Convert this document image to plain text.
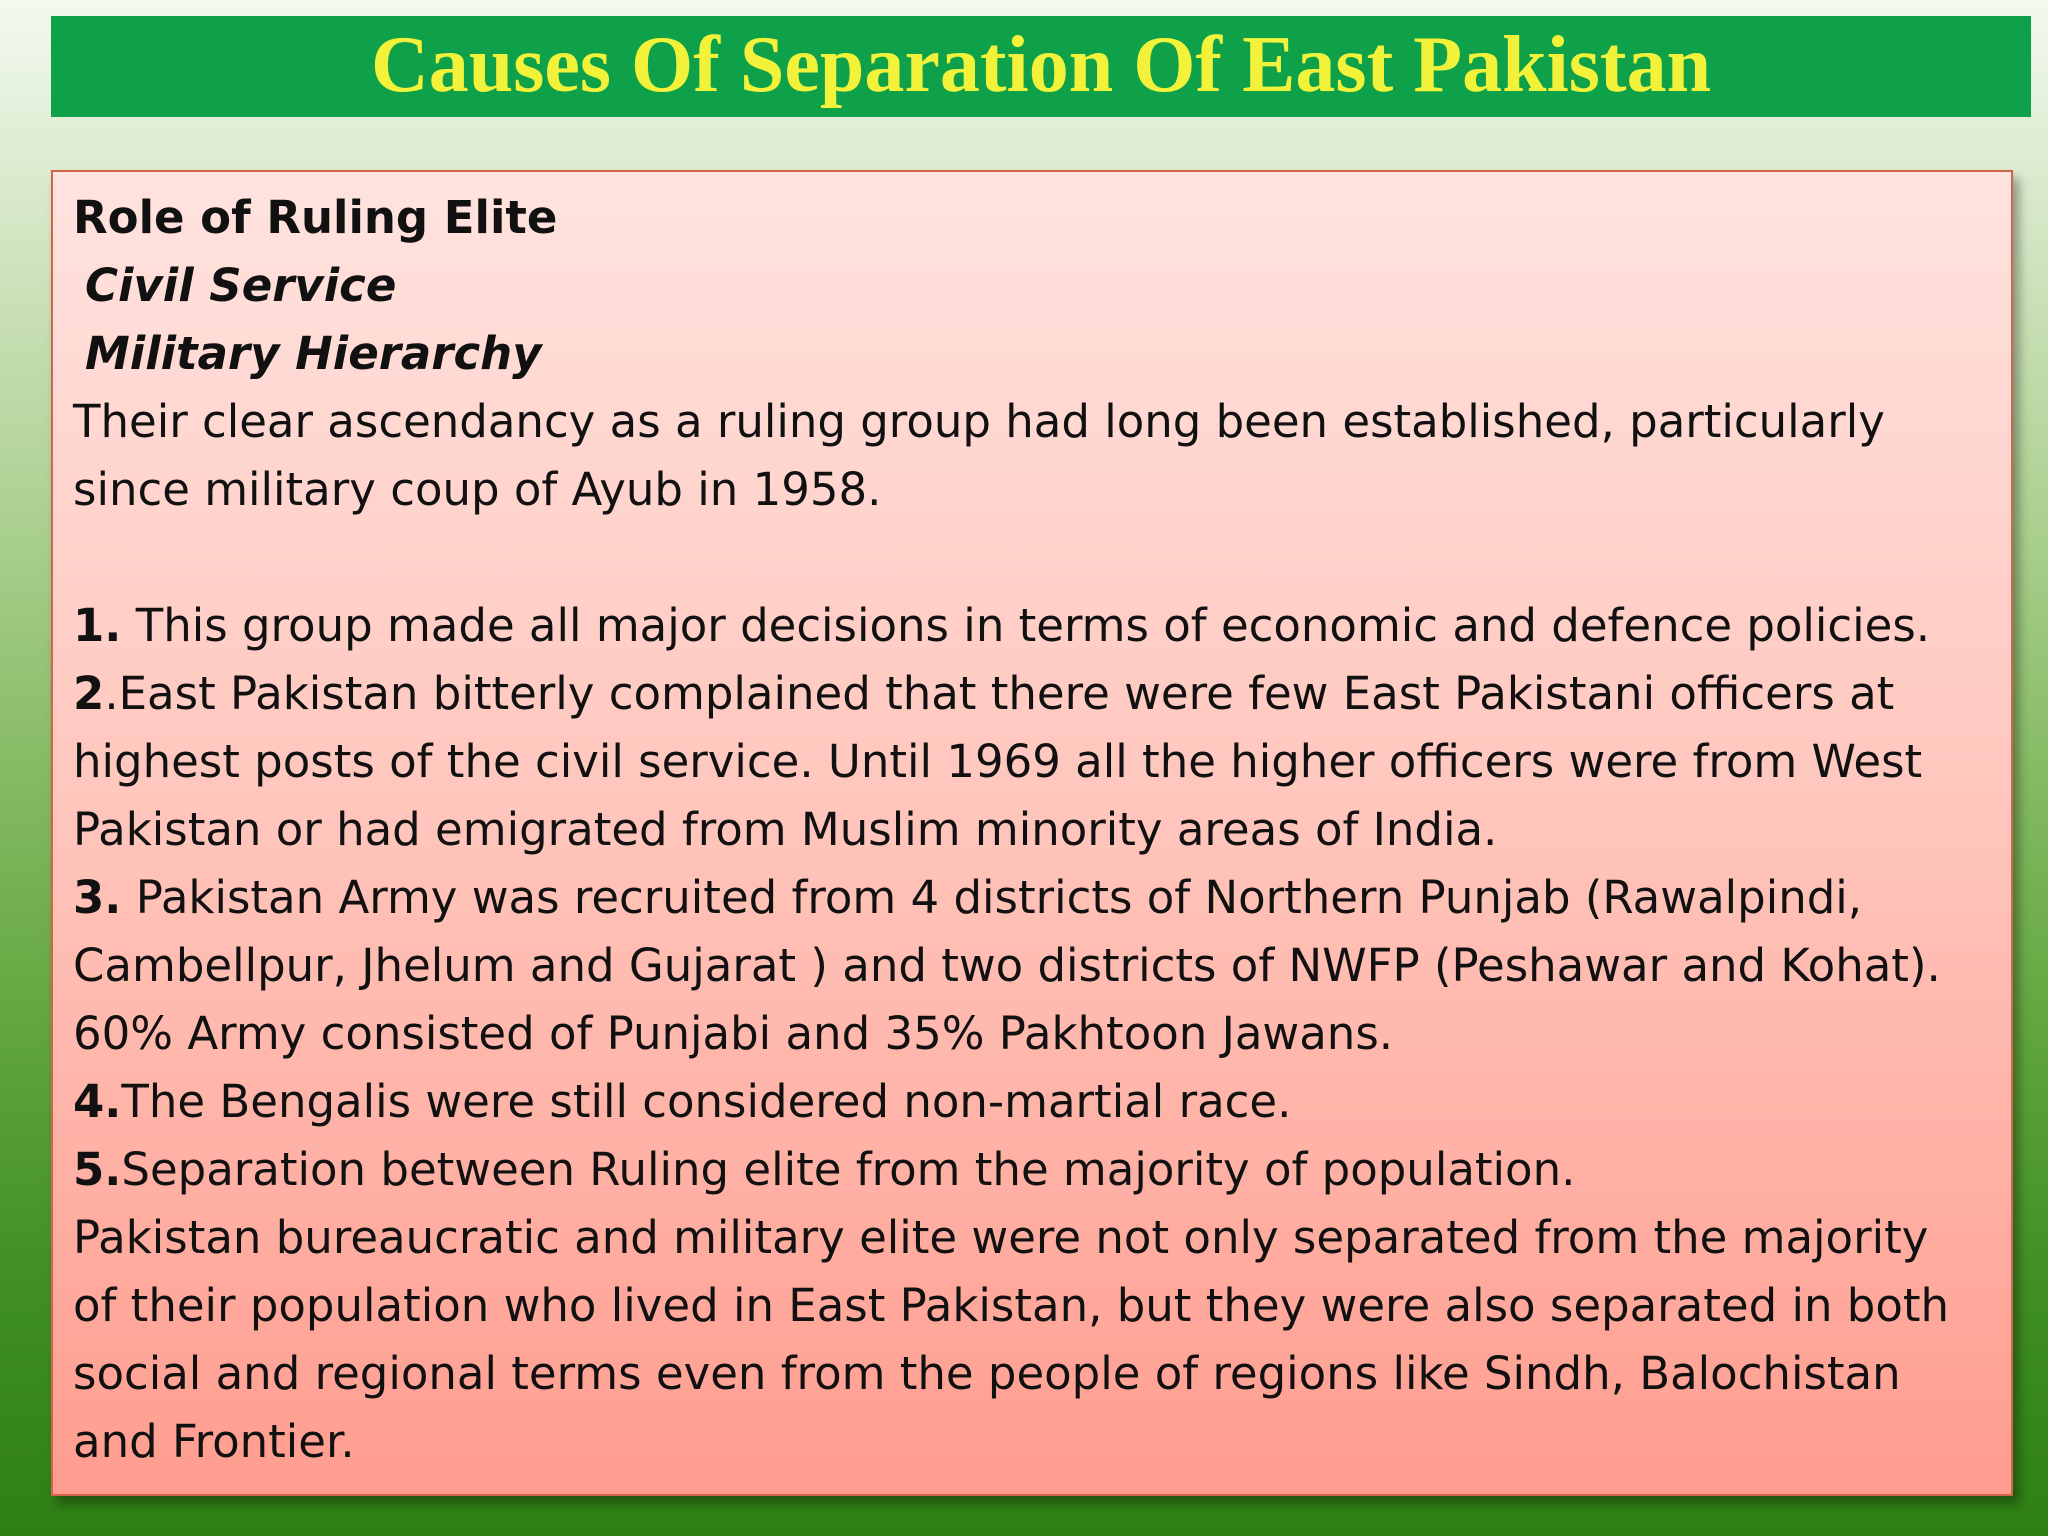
Causes Of Separation Of East Pakistan
Role of Ruling Elite
Civil Service
Military Hierarchy
Their clear ascendancy as a ruling group had long been established, particularly
since military coup of Ayub in 1958.
1. This group made all major decisions in terms of economic and defence policies.
2.East Pakistan bitterly complained that there were few East Pakistani officers at
highest posts of the civil service. Until 1969 all the higher officers were from West
Pakistan or had emigrated from Muslim minority areas of India.
3. Pakistan Army was recruited from 4 districts of Northern Punjab (Rawalpindi,
Cambellpur, Jhelum and Gujarat ) and two districts of NWFP (Peshawar and Kohat).
60% Army consisted of Punjabi and 35% Pakhtoon Jawans.
4.The Bengalis were still considered non-martial race.
5.Separation between Ruling elite from the majority of population.
Pakistan bureaucratic and military elite were not only separated from the majority
of their population who lived in East Pakistan, but they were also separated in both
social and regional terms even from the people of regions like Sindh, Balochistan
and Frontier.
